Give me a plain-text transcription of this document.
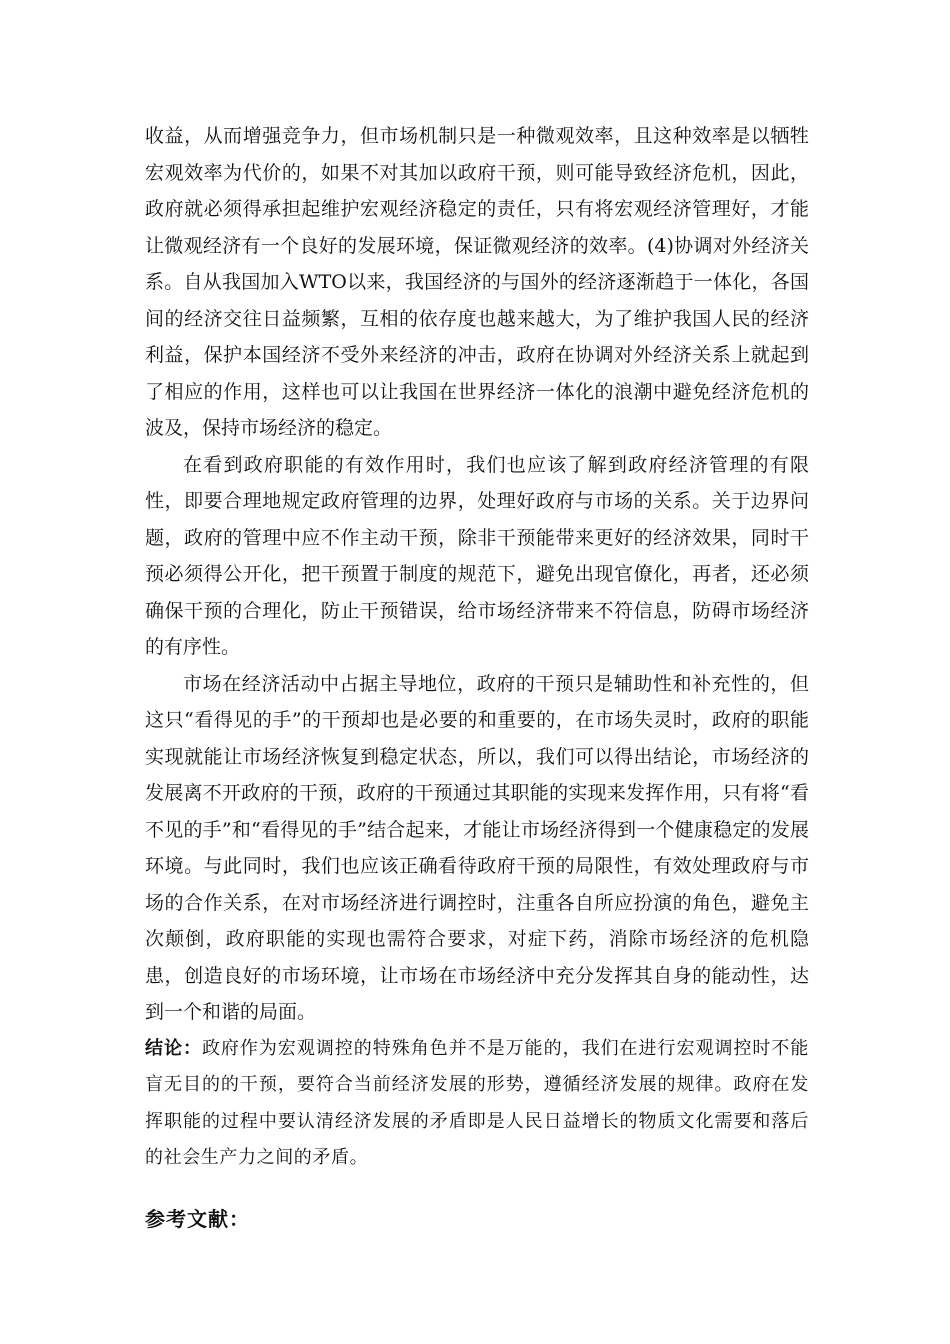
收益，从而增强竞争力，但市场机制只是一种微观效率，且这种效率是以牺牲宏观效率为代价的，如果不对其加以政府干预，则可能导致经济危机，因此，政府就必须得承担起维护宏观经济稳定的责任，只有将宏观经济管理好，才能让微观经济有一个良好的发展环境，保证微观经济的效率。(4)协调对外经济关系。自从我国加入WTO以来，我国经济的与国外的经济逐渐趋于一体化，各国间的经济交往日益频繁，互相的依存度也越来越大，为了维护我国人民的经济利益，保护本国经济不受外来经济的冲击，政府在协调对外经济关系上就起到了相应的作用，这样也可以让我国在世界经济一体化的浪潮中避免经济危机的波及，保持市场经济的稳定。

在看到政府职能的有效作用时，我们也应该了解到政府经济管理的有限性，即要合理地规定政府管理的边界，处理好政府与市场的关系。关于边界问题，政府的管理中应不作主动干预，除非干预能带来更好的经济效果，同时干预必须得公开化，把干预置于制度的规范下，避免出现官僚化，再者，还必须确保干预的合理化，防止干预错误，给市场经济带来不符信息，防碍市场经济的有序性。

市场在经济活动中占据主导地位，政府的干预只是辅助性和补充性的，但这只“看得见的手”的干预却也是必要的和重要的，在市场失灵时，政府的职能实现就能让市场经济恢复到稳定状态，所以，我们可以得出结论，市场经济的发展离不开政府的干预，政府的干预通过其职能的实现来发挥作用，只有将“看不见的手”和“看得见的手”结合起来，才能让市场经济得到一个健康稳定的发展环境。与此同时，我们也应该正确看待政府干预的局限性，有效处理政府与市场的合作关系，在对市场经济进行调控时，注重各自所应扮演的角色，避免主次颠倒，政府职能的实现也需符合要求，对症下药，消除市场经济的危机隐患，创造良好的市场环境，让市场在市场经济中充分发挥其自身的能动性，达到一个和谐的局面。

结论：政府作为宏观调控的特殊角色并不是万能的，我们在进行宏观调控时不能盲无目的的干预，要符合当前经济发展的形势，遵循经济发展的规律。政府在发挥职能的过程中要认清经济发展的矛盾即是人民日益增长的物质文化需要和落后的社会生产力之间的矛盾。

参考文献：
